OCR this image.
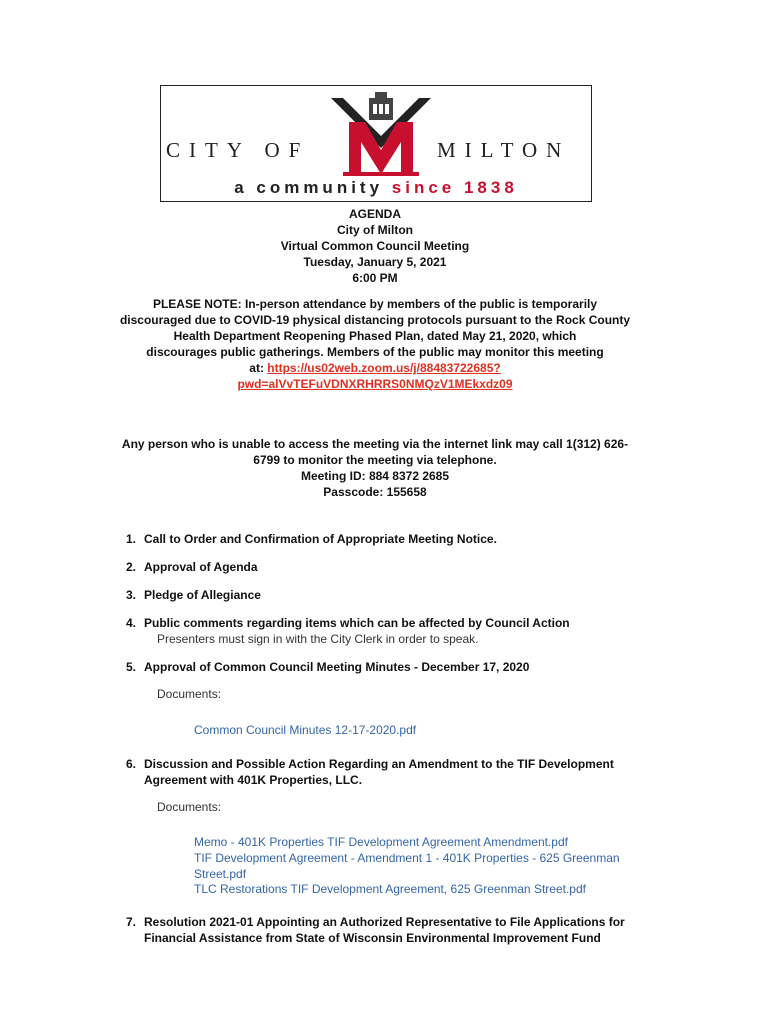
CITY OF	MILTON
a community since 1838
AGENDA
City of Milton
Virtual Common Council Meeting
Tuesday, January 5, 2021
6:00 PM
PLEASE NOTE: In-person attendance by members of the public is temporarily
discouraged due to COVID-19 physical distancing protocols pursuant to the Rock County
Health Department Reopening Phased Plan, dated May 21, 2020, which
discourages public gatherings. Members of the public may monitor this meeting
at: https://us02web.zoom.us/j/88483722685?
pwd=alVvTEFuVDNXRHRRS0NMQzV1MEkxdz09
Any person who is unable to access the meeting via the internet link may call 1(312) 626-
6799 to monitor the meeting via telephone.
Meeting ID: 884 8372 2685
Passcode: 155658
1. Call to Order and Confirmation of Appropriate Meeting Notice.
2. Approval of Agenda
3. Pledge of Allegiance
4. Public comments regarding items which can be affected by Council Action
Presenters must sign in with the City Clerk in order to speak.
5. Approval of Common Council Meeting Minutes - December 17, 2020
Documents:
Common Council Minutes 12-17-2020.pdf
6. Discussion and Possible Action Regarding an Amendment to the TIF Development
Agreement with 401K Properties, LLC.
Documents:
Memo - 401K Properties TIF Development Agreement Amendment.pdf
TIF Development Agreement - Amendment 1 - 401K Properties - 625 Greenman
Street.pdf
TLC Restorations TIF Development Agreement, 625 Greenman Street.pdf
7. Resolution 2021-01 Appointing an Authorized Representative to File Applications for
Financial Assistance from State of Wisconsin Environmental Improvement Fund
